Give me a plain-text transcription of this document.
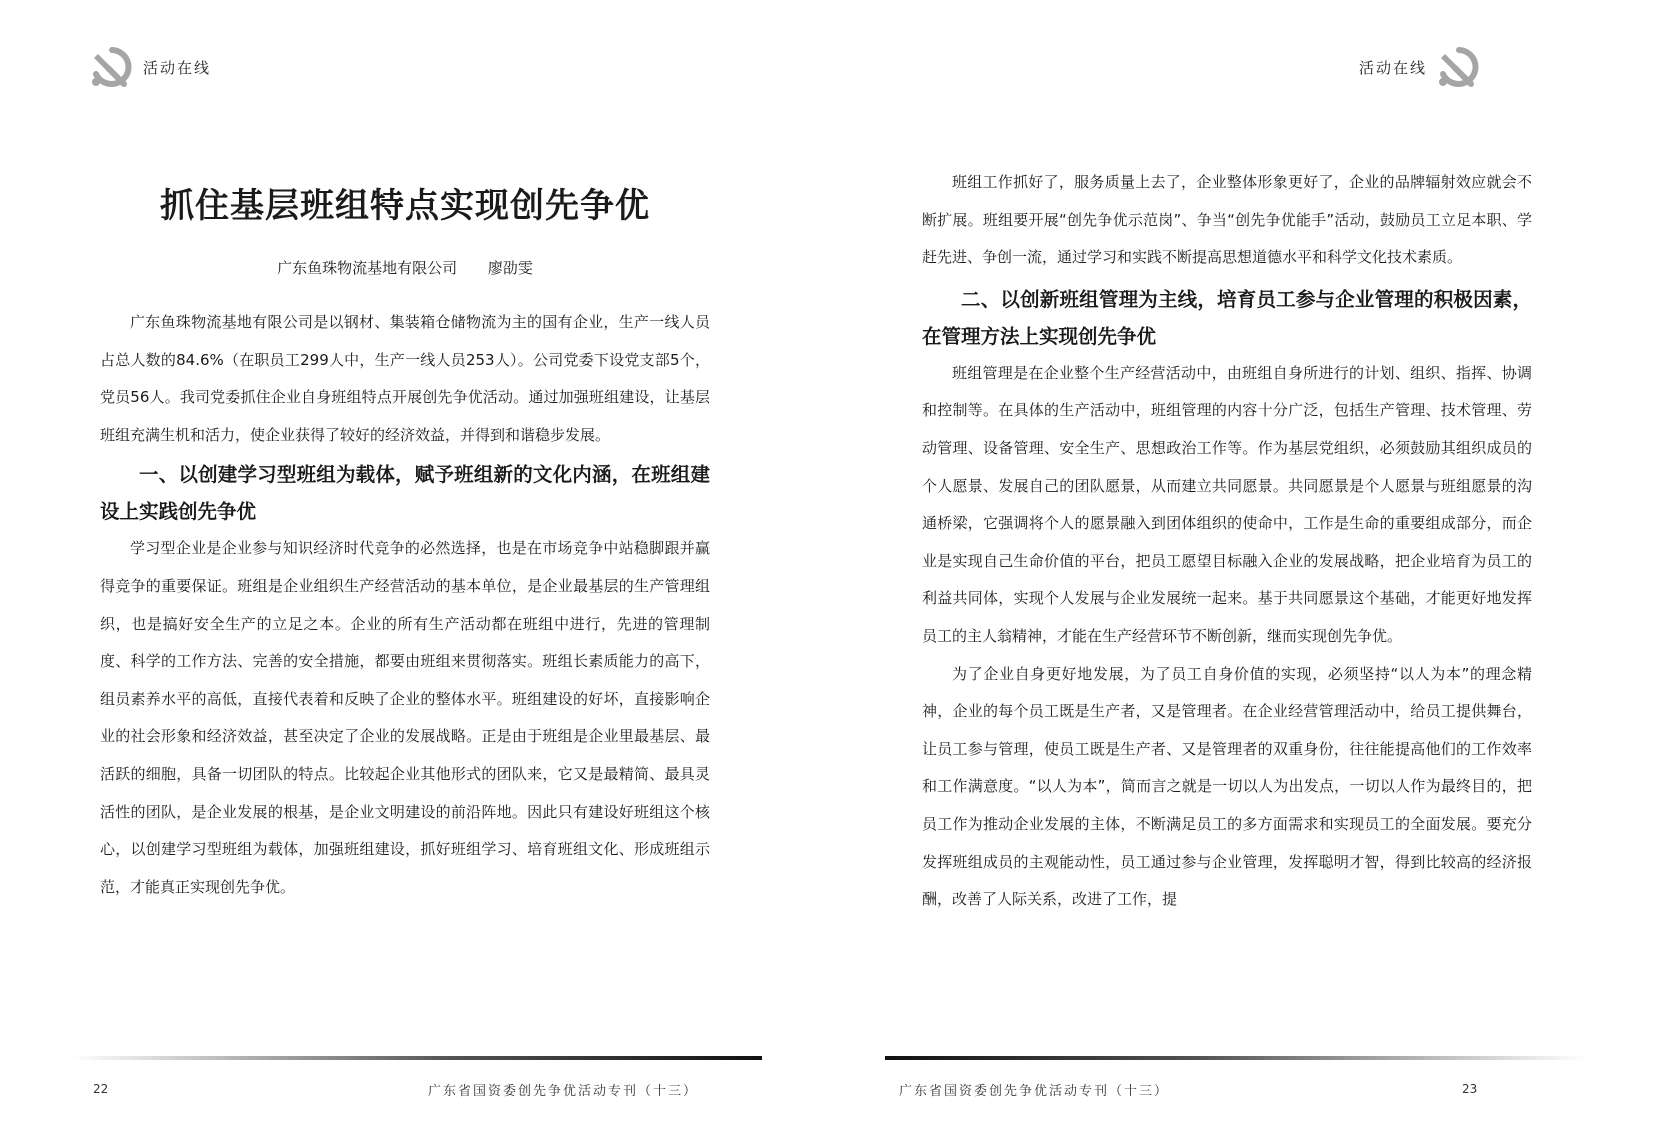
活动在线
抓住基层班组特点实现创先争优
广东鱼珠物流基地有限公司 廖劭雯

广东鱼珠物流基地有限公司是以钢材、集装箱仓储物流为主的国有企业，生产一线人员占总人数的84.6%（在职员工299人中，生产一线人员253人）。公司党委下设党支部5个，党员56人。我司党委抓住企业自身班组特点开展创先争优活动。通过加强班组建设，让基层班组充满生机和活力，使企业获得了较好的经济效益，并得到和谐稳步发展。

一、以创建学习型班组为载体，赋予班组新的文化内涵，在班组建设上实践创先争优

学习型企业是企业参与知识经济时代竞争的必然选择，也是在市场竞争中站稳脚跟并赢得竞争的重要保证。班组是企业组织生产经营活动的基本单位，是企业最基层的生产管理组织，也是搞好安全生产的立足之本。企业的所有生产活动都在班组中进行，先进的管理制度、科学的工作方法、完善的安全措施，都要由班组来贯彻落实。班组长素质能力的高下，组员素养水平的高低，直接代表着和反映了企业的整体水平。班组建设的好坏，直接影响企业的社会形象和经济效益，甚至决定了企业的发展战略。正是由于班组是企业里最基层、最活跃的细胞，具备一切团队的特点。比较起企业其他形式的团队来，它又是最精简、最具灵活性的团队，是企业发展的根基，是企业文明建设的前沿阵地。因此只有建设好班组这个核心，以创建学习型班组为载体，加强班组建设，抓好班组学习、培育班组文化、形成班组示范，才能真正实现创先争优。

22	广东省国资委创先争优活动专刊（十三）
活动在线

班组工作抓好了，服务质量上去了，企业整体形象更好了，企业的品牌辐射效应就会不断扩展。班组要开展“创先争优示范岗”、争当“创先争优能手”活动，鼓励员工立足本职、学赶先进、争创一流，通过学习和实践不断提高思想道德水平和科学文化技术素质。

二、以创新班组管理为主线，培育员工参与企业管理的积极因素，在管理方法上实现创先争优

班组管理是在企业整个生产经营活动中，由班组自身所进行的计划、组织、指挥、协调和控制等。在具体的生产活动中，班组管理的内容十分广泛，包括生产管理、技术管理、劳动管理、设备管理、安全生产、思想政治工作等。作为基层党组织，必须鼓励其组织成员的个人愿景、发展自己的团队愿景，从而建立共同愿景。共同愿景是个人愿景与班组愿景的沟通桥梁，它强调将个人的愿景融入到团体组织的使命中，工作是生命的重要组成部分，而企业是实现自己生命价值的平台，把员工愿望目标融入企业的发展战略，把企业培育为员工的利益共同体，实现个人发展与企业发展统一起来。基于共同愿景这个基础，才能更好地发挥员工的主人翁精神，才能在生产经营环节不断创新，继而实现创先争优。

为了企业自身更好地发展，为了员工自身价值的实现，必须坚持“以人为本”的理念精神，企业的每个员工既是生产者，又是管理者。在企业经营管理活动中，给员工提供舞台，让员工参与管理，使员工既是生产者、又是管理者的双重身份，往往能提高他们的工作效率和工作满意度。“以人为本”，简而言之就是一切以人为出发点，一切以人作为最终目的，把员工作为推动企业发展的主体，不断满足员工的多方面需求和实现员工的全面发展。要充分发挥班组成员的主观能动性，员工通过参与企业管理，发挥聪明才智，得到比较高的经济报酬，改善了人际关系，改进了工作，提

广东省国资委创先争优活动专刊（十三）	23
